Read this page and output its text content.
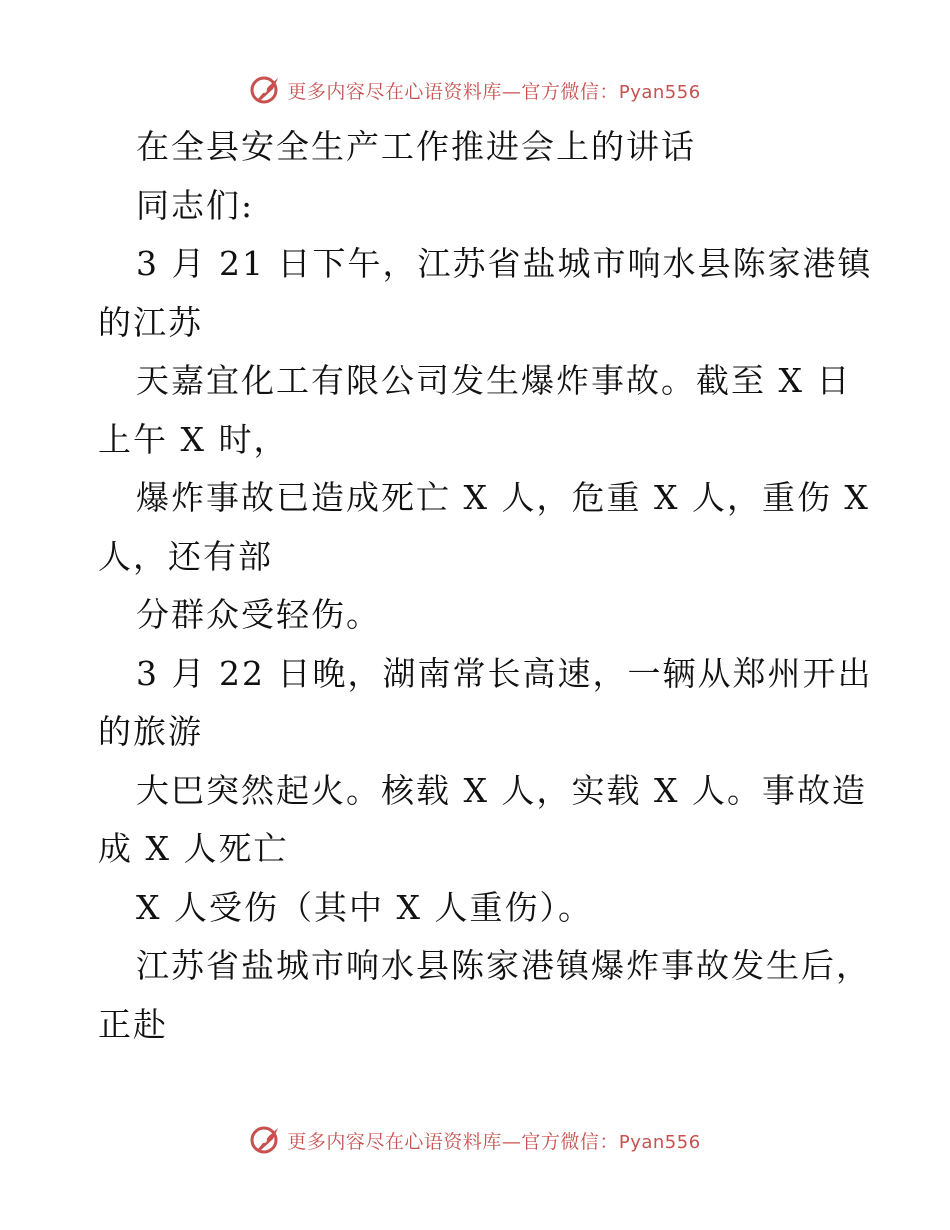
更多内容尽在心语资料库—官方微信：Pyan556
在全县安全生产工作推进会上的讲话
同志们:
3 月 21 日下午，江苏省盐城市响水县陈家港镇
的江苏
天嘉宜化工有限公司发生爆炸事故。截至 X 日
上午 X 时，
爆炸事故已造成死亡 X 人，危重 X 人，重伤 X
人，还有部
分群众受轻伤。
3 月 22 日晚，湖南常长高速，一辆从郑州开出
的旅游
大巴突然起火。核载 X 人，实载 X 人。事故造
成 X 人死亡
X 人受伤（其中 X 人重伤）。
江苏省盐城市响水县陈家港镇爆炸事故发生后，
正赴
更多内容尽在心语资料库—官方微信：Pyan556
